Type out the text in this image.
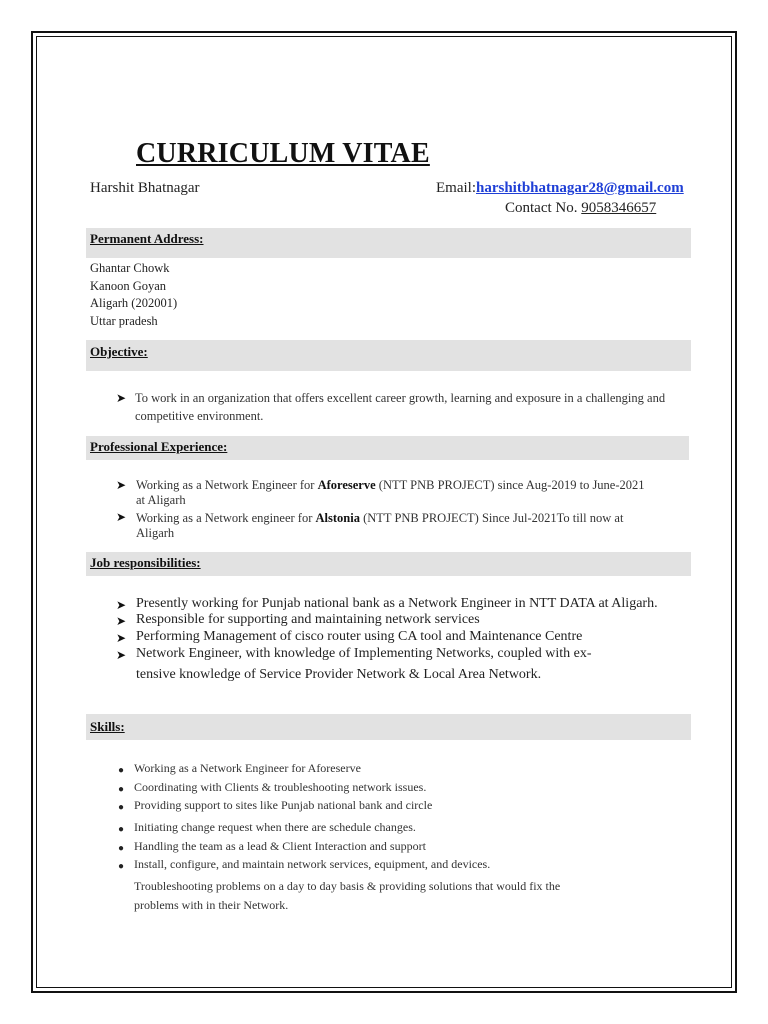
CURRICULUM VITAE
Harshit Bhatnagar	Email:harshitbhatnagar28@gmail.com
Contact No. 9058346657
Permanent Address:
Ghantar Chowk
Kanoon Goyan
Aligarh (202001)
Uttar pradesh
Objective:
➤ To work in an organization that offers excellent career growth, learning and exposure in a challenging and
competitive environment.
Professional Experience:
➤ Working as a Network Engineer for Aforeserve (NTT PNB PROJECT) since Aug-2019 to June-2021
at Aligarh
➤ Working as a Network engineer for Alstonia (NTT PNB PROJECT) Since Jul-2021To till now at
Aligarh
Job responsibilities:
➤ Presently working for Punjab national bank as a Network Engineer in NTT DATA at Aligarh.
➤ Responsible for supporting and maintaining network services
➤ Performing Management of cisco router using CA tool and Maintenance Centre
➤ Network Engineer, with knowledge of Implementing Networks, coupled with ex-
tensive knowledge of Service Provider Network & Local Area Network.
Skills:
● Working as a Network Engineer for Aforeserve
● Coordinating with Clients & troubleshooting network issues.
● Providing support to sites like Punjab national bank and circle
● Initiating change request when there are schedule changes.
● Handling the team as a lead & Client Interaction and support
● Install, configure, and maintain network services, equipment, and devices.
Troubleshooting problems on a day to day basis & providing solutions that would fix the
problems with in their Network.
